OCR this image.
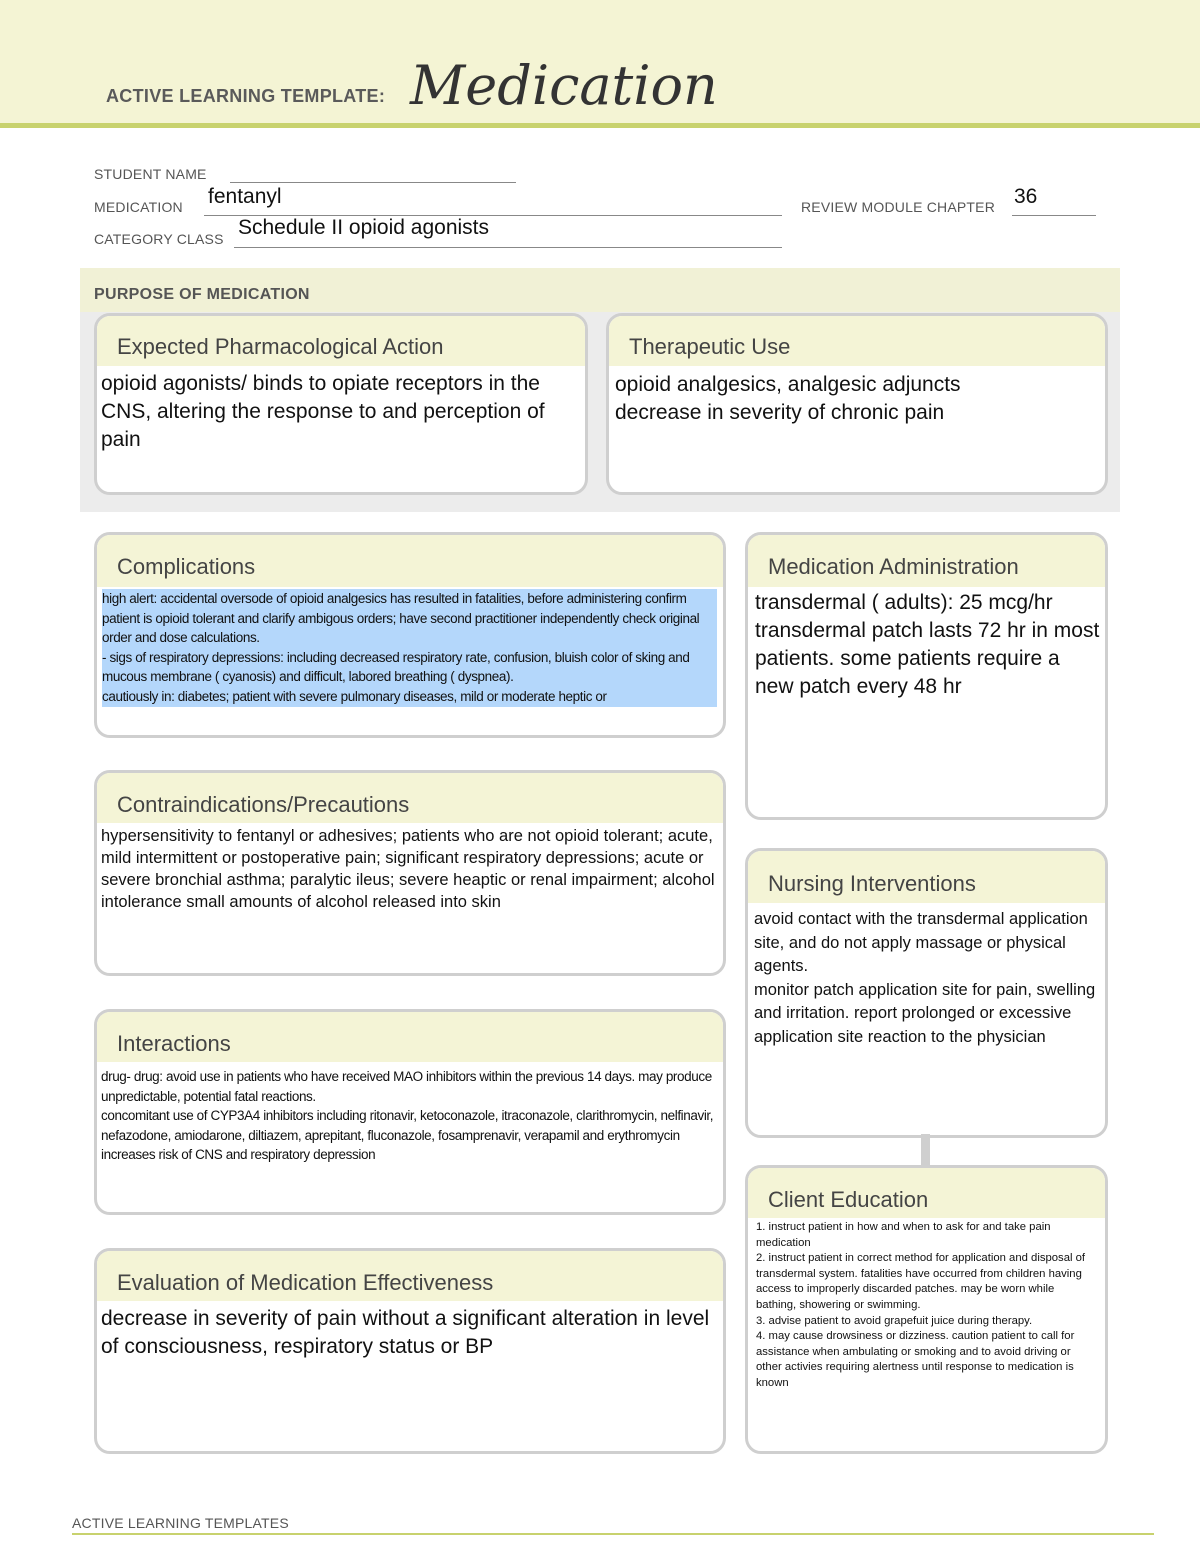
ACTIVE LEARNING TEMPLATE: Medication
STUDENT NAME
MEDICATION fentanyl	REVIEW MODULE CHAPTER 36
CATEGORY CLASS Schedule II opioid agonists
PURPOSE OF MEDICATION
Expected Pharmacological Action
opioid agonists/ binds to opiate receptors in the CNS, altering the response to and perception of pain
Therapeutic Use
opioid analgesics, analgesic adjuncts
decrease in severity of chronic pain
Complications
high alert: accidental oversode of opioid analgesics has resulted in fatalities, before administering confirm patient is opioid tolerant and clarify ambigous orders; have second practitioner independently check original order and dose calculations.
- sigs of respiratory depressions: including decreased respiratory rate, confusion, bluish color of sking and mucous membrane ( cyanosis) and difficult, labored breathing ( dyspnea).
cautiously in: diabetes; patient with severe pulmonary diseases, mild or moderate heptic or
Contraindications/Precautions
hypersensitivity to fentanyl or adhesives; patients who are not opioid tolerant; acute, mild intermittent or postoperative pain; significant respiratory depressions; acute or severe bronchial asthma; paralytic ileus; severe heaptic or renal impairment; alcohol intolerance small amounts of alcohol released into skin
Interactions
drug- drug: avoid use in patients who have received MAO inhibitors within the previous 14 days. may produce unpredictable, potential fatal reactions.
concomitant use of CYP3A4 inhibitors including ritonavir, ketoconazole, itraconazole, clarithromycin, nelfinavir, nefazodone, amiodarone, diltiazem, aprepitant, fluconazole, fosamprenavir, verapamil and erythromycin increases risk of CNS and respiratory depression
Evaluation of Medication Effectiveness
decrease in severity of pain without a significant alteration in level of consciousness, respiratory status or BP
Medication Administration
transdermal ( adults): 25 mcg/hr transdermal patch lasts 72 hr in most patients. some patients require a new patch every 48 hr
Nursing Interventions
avoid contact with the transdermal application site, and do not apply massage or physical agents.
monitor patch application site for pain, swelling and irritation. report prolonged or excessive application site reaction to the physician
Client Education
1. instruct patient in how and when to ask for and take pain medication
2. instruct patient in correct method for application and disposal of transdermal system. fatalities have occurred from children having access to improperly discarded patches. may be worn while bathing, showering or swimming.
3. advise patient to avoid grapefuit juice during therapy.
4. may cause drowsiness or dizziness. caution patient to call for assistance when ambulating or smoking and to avoid driving or other activies requiring alertness until response to medication is known
ACTIVE LEARNING TEMPLATES
